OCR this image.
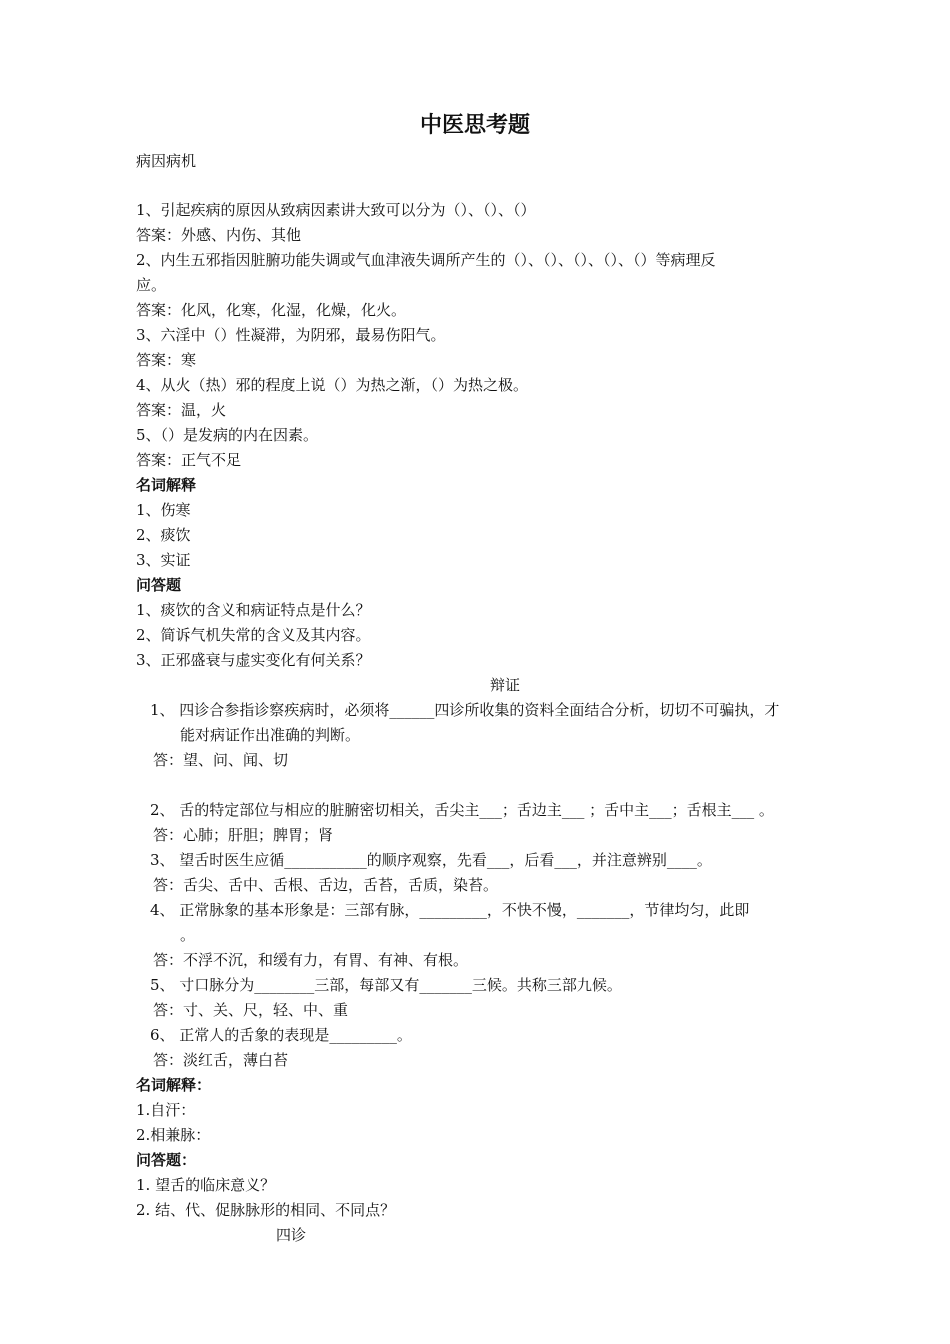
中医思考题
病因病机
1、引起疾病的原因从致病因素讲大致可以分为（）、（）、（）
答案：外感、内伤、其他
2、内生五邪指因脏腑功能失调或气血津液失调所产生的（）、（）、（）、（）、（）等病理反
应。
答案：化风，化寒，化湿，化燥，化火。
3、六淫中（）性凝滞，为阴邪，最易伤阳气。
答案：寒
4、从火（热）邪的程度上说（）为热之渐，（）为热之极。
答案：温，火
5、（）是发病的内在因素。
答案：正气不足
名词解释
1、伤寒
2、痰饮
3、实证
问答题
1、痰饮的含义和病证特点是什么？
2、简诉气机失常的含义及其内容。
3、正邪盛衰与虚实变化有何关系？
辩证
1、 四诊合参指诊察疾病时，必须将______四诊所收集的资料全面结合分析，切切不可骗执，才
能对病证作出准确的判断。
答：望、问、闻、切
2、 舌的特定部位与相应的脏腑密切相关，舌尖主___；舌边主___ ；舌中主___；舌根主___ 。
答：心肺；肝胆；脾胃；肾
3、 望舌时医生应循___________的顺序观察，先看___，后看___，并注意辨别____。
答：舌尖、舌中、舌根、舌边，舌苔，舌质，染苔。
4、 正常脉象的基本形象是：三部有脉，_________，不快不慢，_______，节律均匀，此即
。
答：不浮不沉，和缓有力，有胃、有神、有根。
5、 寸口脉分为________三部，每部又有_______三候。共称三部九候。
答：寸、关、尺，轻、中、重
6、 正常人的舌象的表现是_________。
答：淡红舌，薄白苔
名词解释：
1.自汗：
2.相兼脉：
问答题：
1. 望舌的临床意义？
2. 结、代、促脉脉形的相同、不同点？
四诊
